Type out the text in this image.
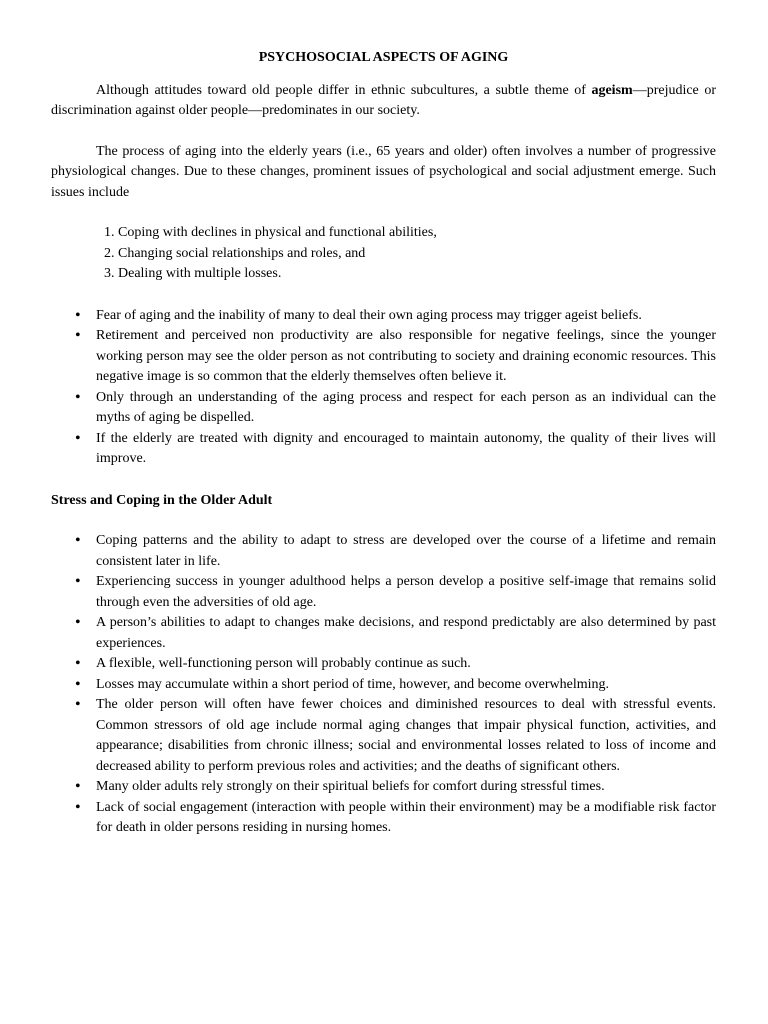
PSYCHOSOCIAL ASPECTS OF AGING

Although attitudes toward old people differ in ethnic subcultures, a subtle theme of ageism—prejudice or discrimination against older people—predominates in our society.

The process of aging into the elderly years (i.e., 65 years and older) often involves a number of progressive physiological changes. Due to these changes, prominent issues of psychological and social adjustment emerge. Such issues include

1. Coping with declines in physical and functional abilities,
2. Changing social relationships and roles, and
3. Dealing with multiple losses.
• Fear of aging and the inability of many to deal their own aging process may trigger ageist beliefs.
• Retirement and perceived non productivity are also responsible for negative feelings, since the younger working person may see the older person as not contributing to society and draining economic resources. This negative image is so common that the elderly themselves often believe it.
• Only through an understanding of the aging process and respect for each person as an individual can the myths of aging be dispelled.
• If the elderly are treated with dignity and encouraged to maintain autonomy, the quality of their lives will improve.
Stress and Coping in the Older Adult
• Coping patterns and the ability to adapt to stress are developed over the course of a lifetime and remain consistent later in life.
• Experiencing success in younger adulthood helps a person develop a positive self-image that remains solid through even the adversities of old age.
• A person’s abilities to adapt to changes make decisions, and respond predictably are also determined by past experiences.
• A flexible, well-functioning person will probably continue as such.
• Losses may accumulate within a short period of time, however, and become overwhelming.
• The older person will often have fewer choices and diminished resources to deal with stressful events. Common stressors of old age include normal aging changes that impair physical function, activities, and appearance; disabilities from chronic illness; social and environmental losses related to loss of income and decreased ability to perform previous roles and activities; and the deaths of significant others.
• Many older adults rely strongly on their spiritual beliefs for comfort during stressful times.
• Lack of social engagement (interaction with people within their environment) may be a modifiable risk factor for death in older persons residing in nursing homes.
